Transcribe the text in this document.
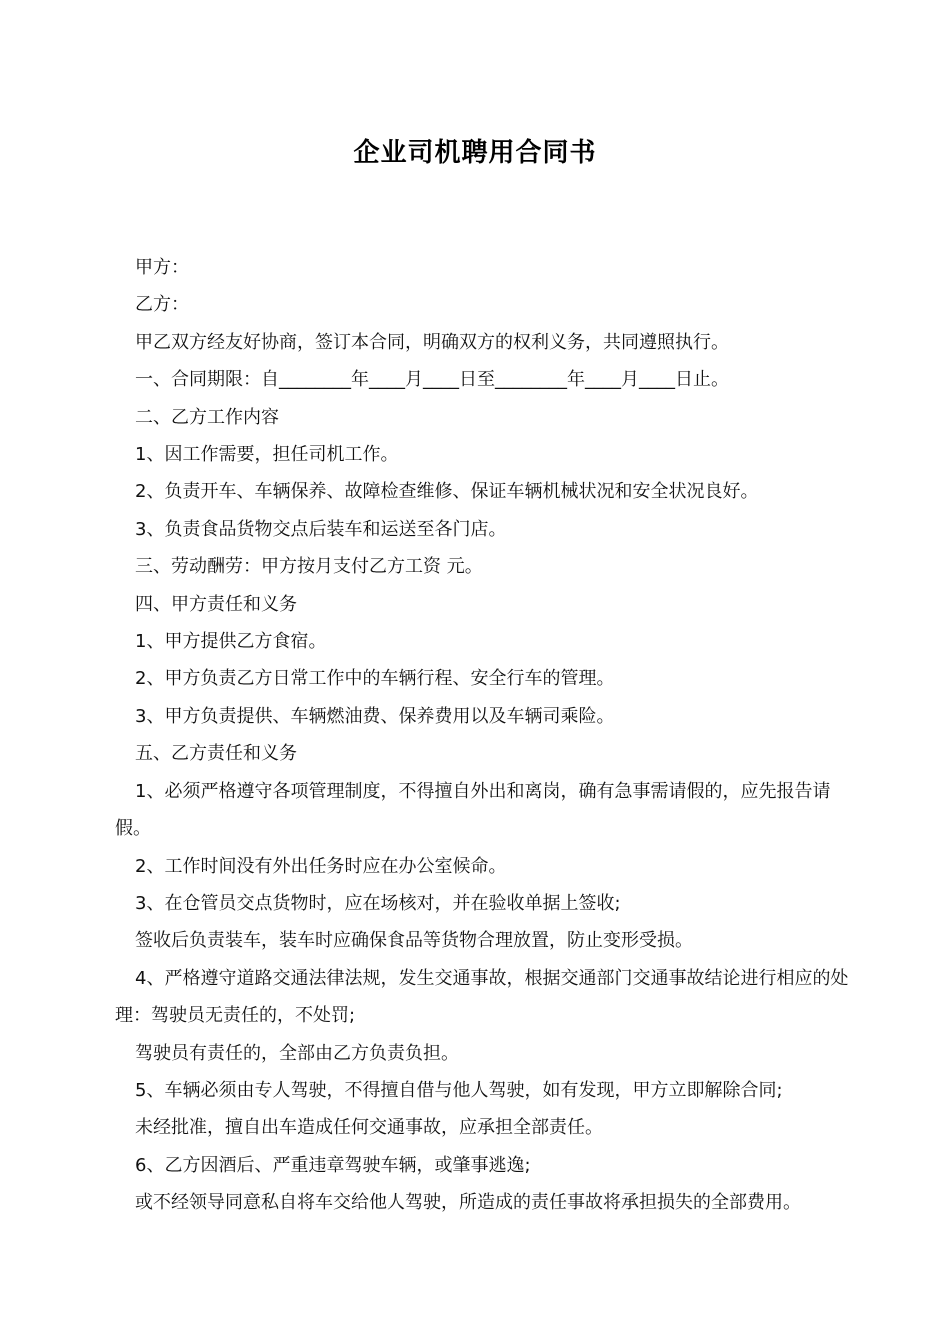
企业司机聘用合同书

甲方：

乙方：

甲乙双方经友好协商，签订本合同，明确双方的权利义务，共同遵照执行。

一、合同期限：自________年____月____日至________年____月____日止。

二、乙方工作内容

1、因工作需要，担任司机工作。

2、负责开车、车辆保养、故障检查维修、保证车辆机械状况和安全状况良好。

3、负责食品货物交点后装车和运送至各门店。

三、劳动酬劳：甲方按月支付乙方工资 元。

四、甲方责任和义务

1、甲方提供乙方食宿。

2、甲方负责乙方日常工作中的车辆行程、安全行车的管理。

3、甲方负责提供、车辆燃油费、保养费用以及车辆司乘险。

五、乙方责任和义务

1、必须严格遵守各项管理制度，不得擅自外出和离岗，确有急事需请假的，应先报告请假。

2、工作时间没有外出任务时应在办公室候命。

3、在仓管员交点货物时，应在场核对，并在验收单据上签收;

签收后负责装车，装车时应确保食品等货物合理放置，防止变形受损。

4、严格遵守道路交通法律法规，发生交通事故，根据交通部门交通事故结论进行相应的处理：驾驶员无责任的，不处罚;

驾驶员有责任的，全部由乙方负责负担。

5、车辆必须由专人驾驶，不得擅自借与他人驾驶，如有发现，甲方立即解除合同;

未经批准，擅自出车造成任何交通事故，应承担全部责任。

6、乙方因酒后、严重违章驾驶车辆，或肇事逃逸;

或不经领导同意私自将车交给他人驾驶，所造成的责任事故将承担损失的全部费用。
